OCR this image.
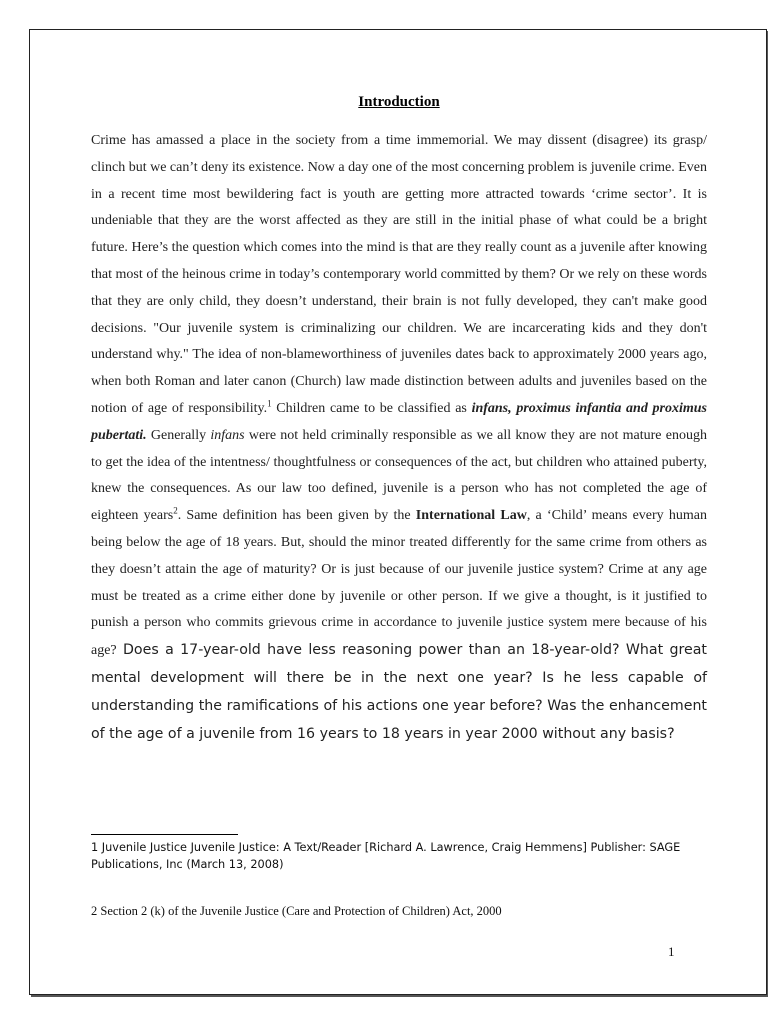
Introduction

Crime has amassed a place in the society from a time immemorial. We may dissent (disagree) its grasp/ clinch but we can’t deny its existence. Now a day one of the most concerning problem is juvenile crime. Even in a recent time most bewildering fact is youth are getting more attracted towards ‘crime sector’. It is undeniable that they are the worst affected as they are still in the initial phase of what could be a bright future. Here’s the question which comes into the mind is that are they really count as a juvenile after knowing that most of the heinous crime in today’s contemporary world committed by them? Or we rely on these words that they are only child, they doesn’t understand, their brain is not fully developed, they can't make good decisions. "Our juvenile system is criminalizing our children. We are incarcerating kids and they don't understand why." The idea of non-blameworthiness of juveniles dates back to approximately 2000 years ago, when both Roman and later canon (Church) law made distinction between adults and juveniles based on the notion of age of responsibility.$^1$ Children came to be classified as infans, proximus infantia and proximus pubertati. Generally infans were not held criminally responsible as we all know they are not mature enough to get the idea of the intentness/ thoughtfulness or consequences of the act, but children who attained puberty, knew the consequences. As our law too defined, juvenile is a person who has not completed the age of eighteen years$^2$. Same definition has been given by the International Law, a ‘Child’ means every human being below the age of 18 years. But, should the minor treated differently for the same crime from others as they doesn’t attain the age of maturity? Or is just because of our juvenile justice system? Crime at any age must be treated as a crime either done by juvenile or other person. If we give a thought, is it justified to punish a person who commits grievous crime in accordance to juvenile justice system mere because of his age? Does a 17-year-old have less reasoning power than an 18-year-old? What great mental development will there be in the next one year? Is he less capable of understanding the ramifications of his actions one year before? Was the enhancement of the age of a juvenile from 16 years to 18 years in year 2000 without any basis?

1 Juvenile Justice Juvenile Justice: A Text/Reader [Richard A. Lawrence, Craig Hemmens] Publisher: SAGE Publications, Inc (March 13, 2008)

2 Section 2 (k) of the Juvenile Justice (Care and Protection of Children) Act, 2000

1
